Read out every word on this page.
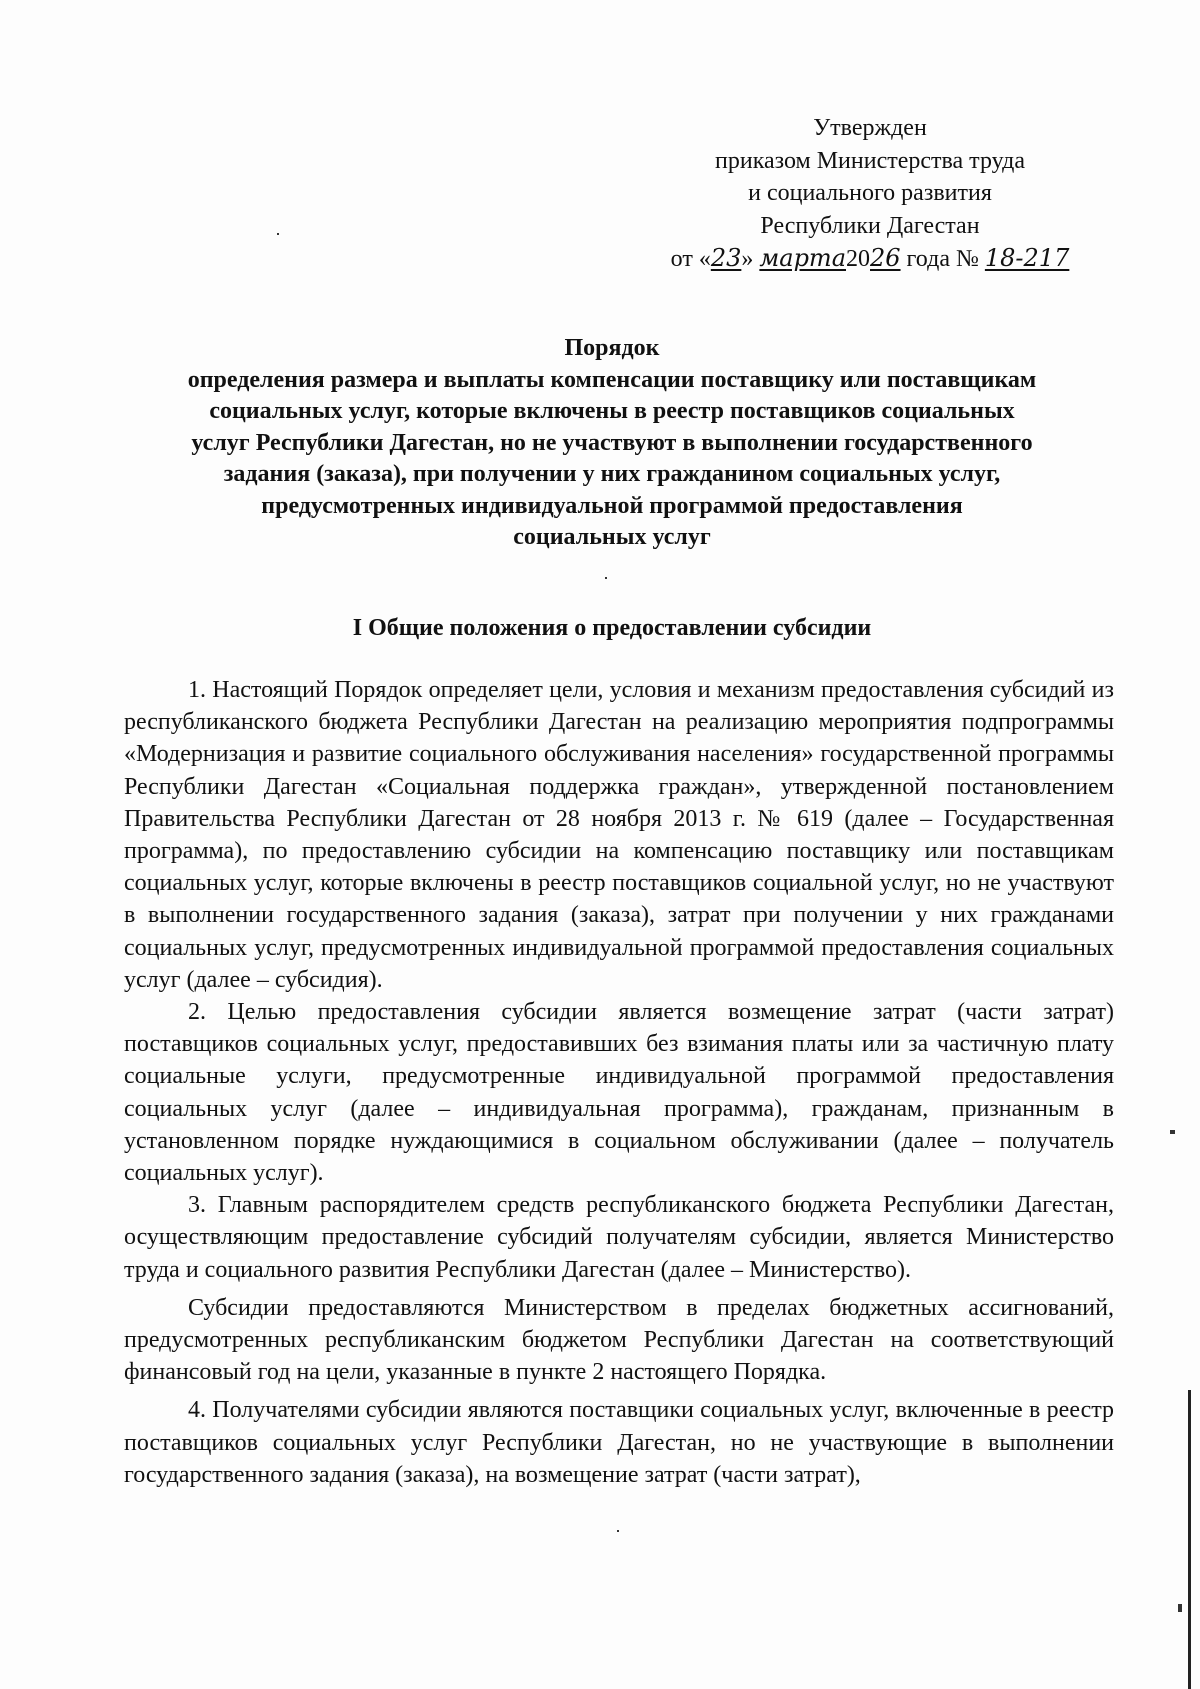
Утвержден
приказом Министерства труда
и социального развития
Республики Дагестан
от «23» марта2026 года № 18-217
Порядок
определения размера и выплаты компенсации поставщику или поставщикам
социальных услуг, которые включены в реестр поставщиков социальных
услуг Республики Дагестан, но не участвуют в выполнении государственного
задания (заказа), при получении у них гражданином социальных услуг,
предусмотренных индивидуальной программой предоставления
социальных услуг
I Общие положения о предоставлении субсидии

1. Настоящий Порядок определяет цели, условия и механизм предоставления субсидий из республиканского бюджета Республики Дагестан на реализацию мероприятия подпрограммы «Модернизация и развитие социального обслуживания населения» государственной программы Республики Дагестан «Социальная поддержка граждан», утвержденной постановлением Правительства Республики Дагестан от 28 ноября 2013 г. № 619 (далее – Государственная программа), по предоставлению субсидии на компенсацию поставщику или поставщикам социальных услуг, которые включены в реестр поставщиков социальной услуг, но не участвуют в выполнении государственного задания (заказа), затрат при получении у них гражданами социальных услуг, предусмотренных индивидуальной программой предоставления социальных услуг (далее – субсидия).

2. Целью предоставления субсидии является возмещение затрат (части затрат) поставщиков социальных услуг, предоставивших без взимания платы или за частичную плату социальные услуги, предусмотренные индивидуальной программой предоставления социальных услуг (далее – индивидуальная программа), гражданам, признанным в установленном порядке нуждающимися в социальном обслуживании (далее – получатель социальных услуг).

3. Главным распорядителем средств республиканского бюджета Республики Дагестан, осуществляющим предоставление субсидий получателям субсидии, является Министерство труда и социального развития Республики Дагестан (далее – Министерство).

Субсидии предоставляются Министерством в пределах бюджетных ассигнований, предусмотренных республиканским бюджетом Республики Дагестан на соответствующий финансовый год на цели, указанные в пункте 2 настоящего Порядка.

4. Получателями субсидии являются поставщики социальных услуг, включенные в реестр поставщиков социальных услуг Республики Дагестан, но не участвующие в выполнении государственного задания (заказа), на возмещение затрат (части затрат),
